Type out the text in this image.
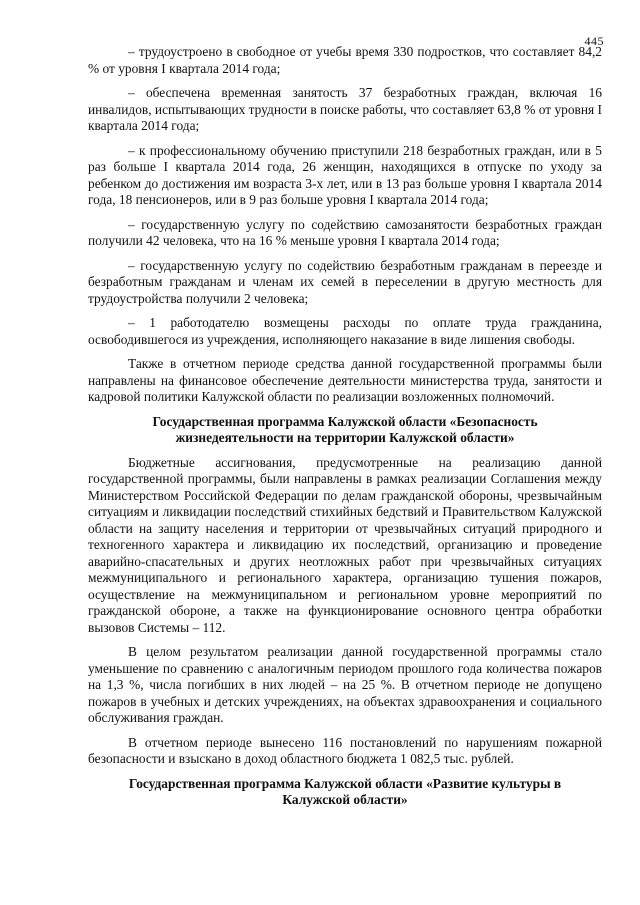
445

– трудоустроено в свободное от учебы время 330 подростков, что составляет 84,2 % от уровня I квартала 2014 года;

– обеспечена временная занятость 37 безработных граждан, включая 16 инвалидов, испытывающих трудности в поиске работы, что составляет 63,8 % от уровня I квартала 2014 года;

– к профессиональному обучению приступили 218 безработных граждан, или в 5 раз больше I квартала 2014 года, 26 женщин, находящихся в отпуске по уходу за ребенком до достижения им возраста 3-х лет, или в 13 раз больше уровня I квартала 2014 года, 18 пенсионеров, или в 9 раз больше уровня I квартала 2014 года;

– государственную услугу по содействию самозанятости безработных граждан получили 42 человека, что на 16 % меньше уровня I квартала 2014 года;

– государственную услугу по содействию безработным гражданам в переезде и безработным гражданам и членам их семей в переселении в другую местность для трудоустройства получили 2 человека;

– 1 работодателю возмещены расходы по оплате труда гражданина, освободившегося из учреждения, исполняющего наказание в виде лишения свободы.

Также в отчетном периоде средства данной государственной программы были направлены на финансовое обеспечение деятельности министерства труда, занятости и кадровой политики Калужской области по реализации возложенных полномочий.

Государственная программа Калужской области «Безопасность жизнедеятельности на территории Калужской области»

Бюджетные ассигнования, предусмотренные на реализацию данной государственной программы, были направлены в рамках реализации Соглашения между Министерством Российской Федерации по делам гражданской обороны, чрезвычайным ситуациям и ликвидации последствий стихийных бедствий и Правительством Калужской области на защиту населения и территории от чрезвычайных ситуаций природного и техногенного характера и ликвидацию их последствий, организацию и проведение аварийно-спасательных и других неотложных работ при чрезвычайных ситуациях межмуниципального и регионального характера, организацию тушения пожаров, осуществление на межмуниципальном и региональном уровне мероприятий по гражданской обороне, а также на функционирование основного центра обработки вызовов Системы – 112.

В целом результатом реализации данной государственной программы стало уменьшение по сравнению с аналогичным периодом прошлого года количества пожаров на 1,3 %, числа погибших в них людей – на 25 %. В отчетном периоде не допущено пожаров в учебных и детских учреждениях, на объектах здравоохранения и социального обслуживания граждан.

В отчетном периоде вынесено 116 постановлений по нарушениям пожарной безопасности и взыскано в доход областного бюджета 1 082,5 тыс. рублей.

Государственная программа Калужской области «Развитие культуры в Калужской области»
